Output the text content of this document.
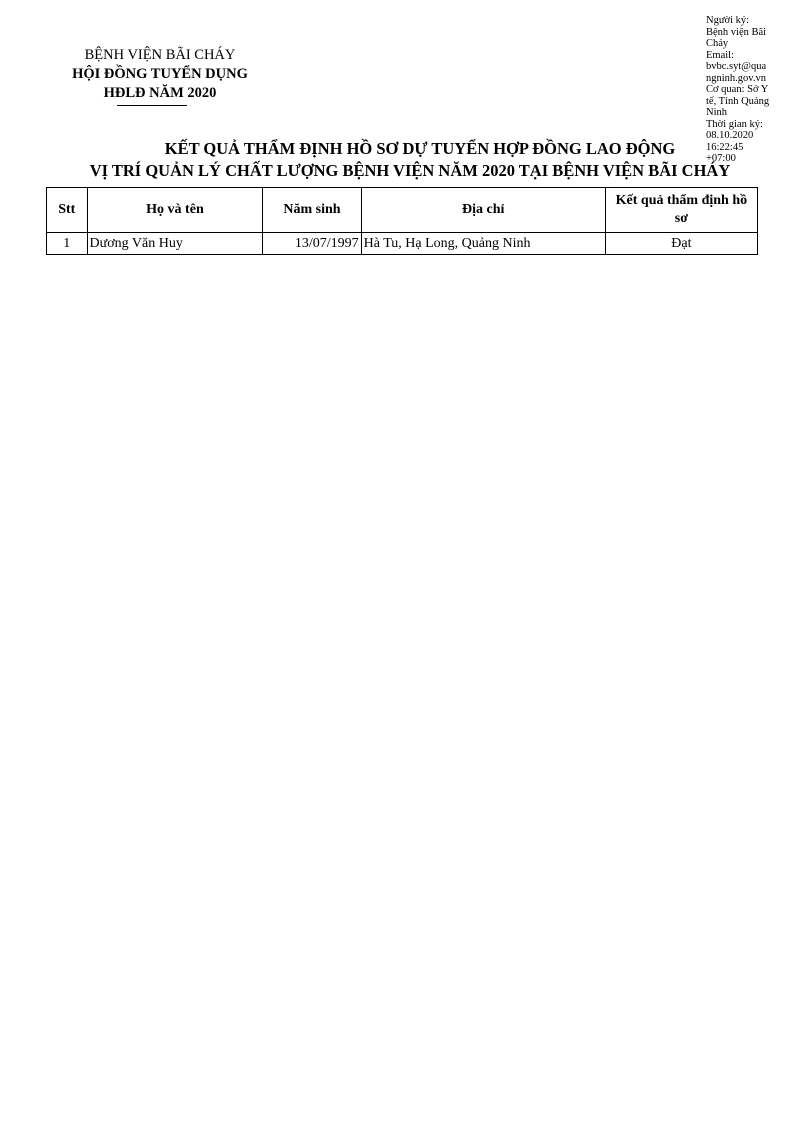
BỆNH VIỆN BÃI CHÁY
HỘI ĐỒNG TUYỂN DỤNG
HĐLĐ NĂM 2020
Người ký:
Bệnh viện Bãi
Cháy
Email:
bvbc.syt@qua
ngninh.gov.vn
Cơ quan: Sở Y
tế, Tỉnh Quảng
Ninh
Thời gian ký:
08.10.2020
16:22:45
+07:00
KẾT QUẢ THẨM ĐỊNH HỒ SƠ DỰ TUYỂN HỢP ĐỒNG LAO ĐỘNG
VỊ TRÍ QUẢN LÝ CHẤT LƯỢNG BỆNH VIỆN NĂM 2020 TẠI BỆNH VIỆN BÃI CHÁY
Stt	Họ và tên	Năm sinh	Địa chỉ	Kết quả thẩm định hồ sơ
1	Dương Văn Huy	13/07/1997	Hà Tu, Hạ Long, Quảng Ninh	Đạt
